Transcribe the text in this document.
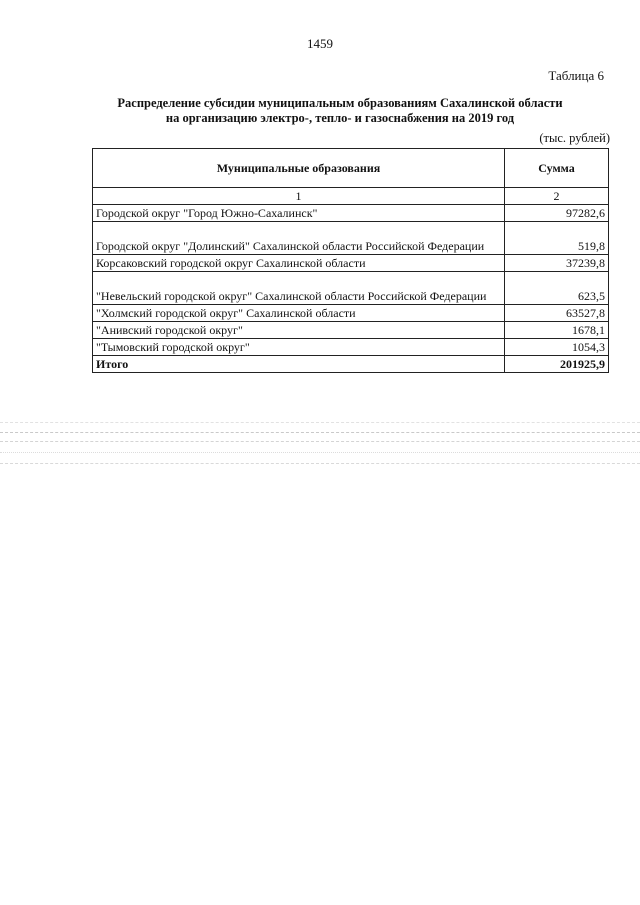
1459
Таблица 6
Распределение субсидии муниципальным образованиям Сахалинской области
на организацию электро-, тепло- и газоснабжения на 2019 год
(тыс. рублей)
Муниципальные образования	Сумма
1	2
Городской округ "Город Южно-Сахалинск"	97282,6
Городской округ "Долинский" Сахалинской области Российской Федерации	519,8
Корсаковский городской округ Сахалинской области	37239,8
"Невельский городской округ" Сахалинской области Российской Федерации	623,5
"Холмский городской округ" Сахалинской области	63527,8
"Анивский городской округ"	1678,1
"Тымовский городской округ"	1054,3
Итого	201925,9
